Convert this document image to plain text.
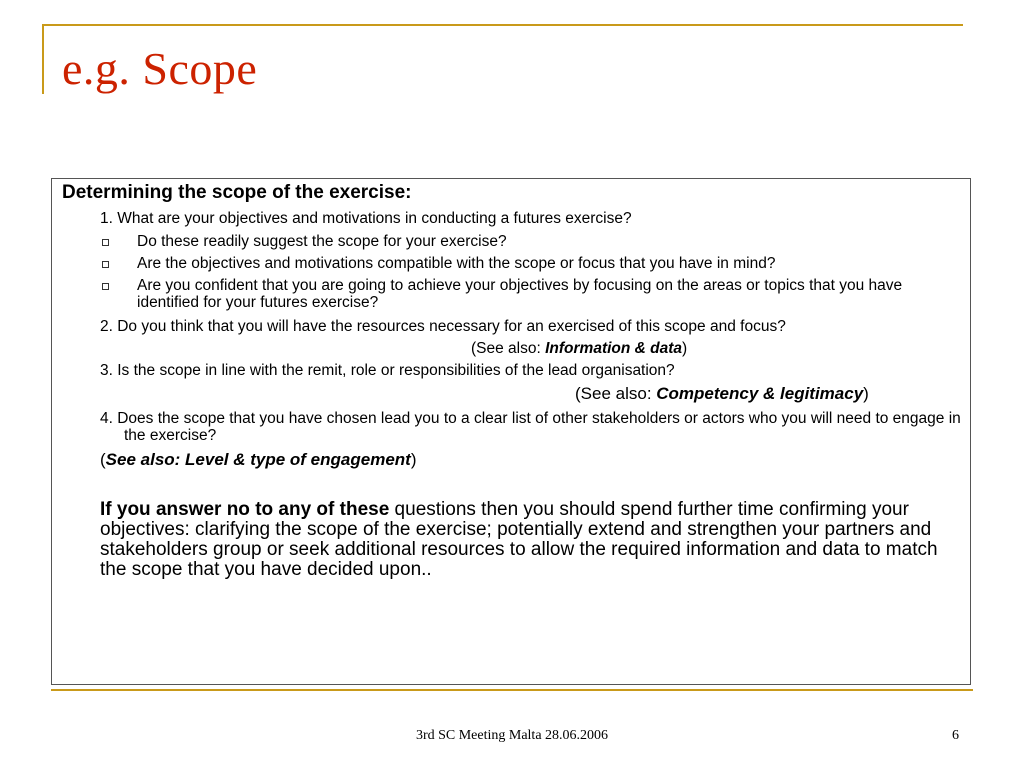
e.g. Scope

Determining the scope of the exercise:

1. What are your objectives and motivations in conducting a futures exercise?

Do these readily suggest the scope for your exercise?

Are the objectives and motivations compatible with the scope or focus that you have in mind?

Are you confident that you are going to achieve your objectives by focusing on the areas or topics that you have identified for your futures exercise?

2. Do you think that you will have the resources necessary for an exercised of this scope and focus?

(See also: Information & data)

3. Is the scope in line with the remit, role or responsibilities of the lead organisation?

(See also: Competency & legitimacy)

4. Does the scope that you have chosen lead you to a clear list of other stakeholders or actors who you will need to engage in the exercise?

(See also: Level & type of engagement)

If you answer no to any of these questions then you should spend further time confirming your objectives: clarifying the scope of the exercise; potentially extend and strengthen your partners and stakeholders group or seek additional resources to allow the required information and data to match the scope that you have decided upon..

3rd SC Meeting Malta 28.06.2006	6
